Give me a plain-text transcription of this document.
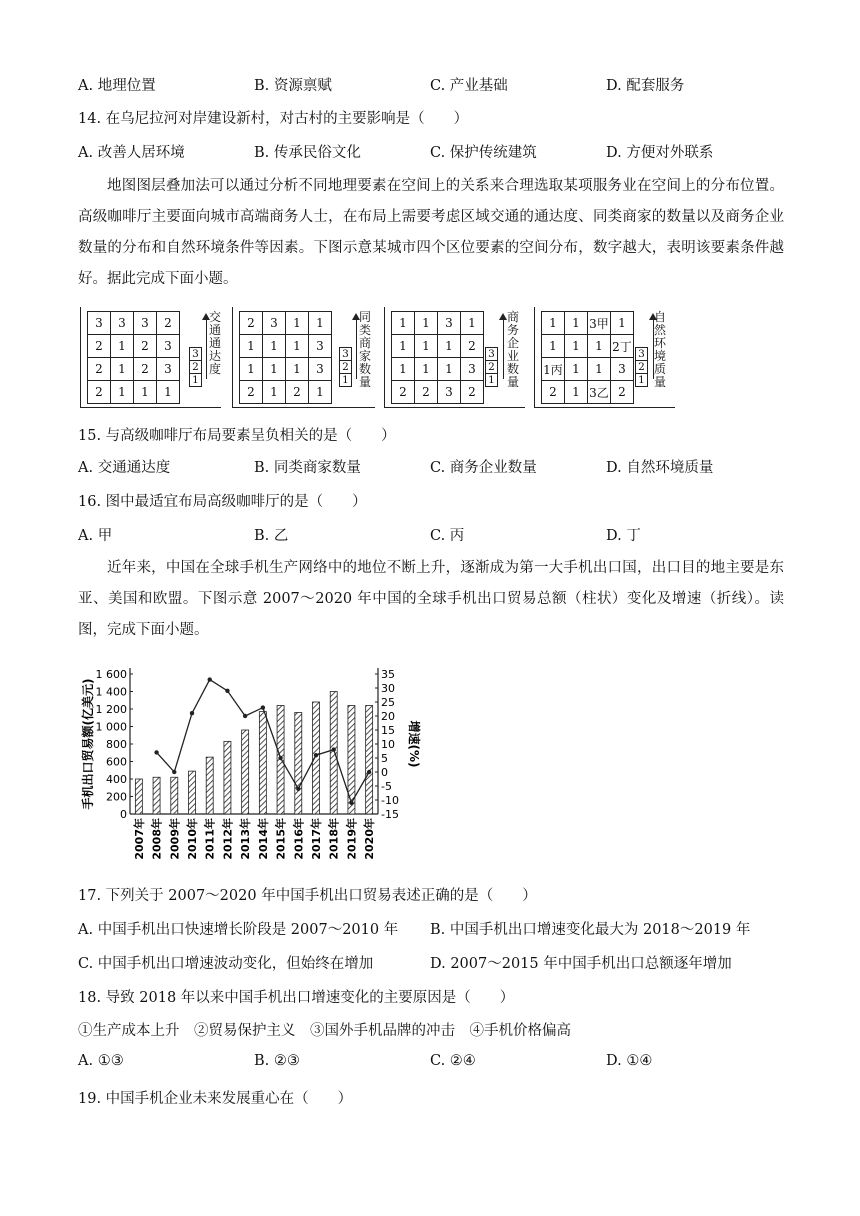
A. 地理位置	B. 资源禀赋	C. 产业基础	D. 配套服务
14. 在乌尼拉河对岸建设新村，对古村的主要影响是（　　）
A. 改善人居环境	B. 传承民俗文化	C. 保护传统建筑	D. 方便对外联系
地图图层叠加法可以通过分析不同地理要素在空间上的关系来合理选取某项服务业在空间上的分布位置。高级咖啡厅主要面向城市高端商务人士，在布局上需要考虑区域交通的通达度、同类商家的数量以及商务企业数量的分布和自然环境条件等因素。下图示意某城市四个区位要素的空间分布，数字越大，表明该要素条件越好。据此完成下面小题。
3	3	3	2
2	1	2	3
2	1	2	3
2	1	1	1
3
2
1
交通通达度
2	3	1	1
1	1	1	3
1	1	1	3
2	1	2	1
3
2
1
同类商家数量
1	1	3	1
1	1	1	2
1	1	1	3
2	2	3	2
3
2
1
商务企业数量
1	1	3甲	1
1	1	1	2丁
1丙	1	1	3
2	1	3乙	2
3
2
1
自然环境质量
15. 与高级咖啡厅布局要素呈负相关的是（　　）
A. 交通通达度	B. 同类商家数量	C. 商务企业数量	D. 自然环境质量
16. 图中最适宜布局高级咖啡厅的是（　　）
A. 甲	B. 乙	C. 丙	D. 丁
近年来，中国在全球手机生产网络中的地位不断上升，逐渐成为第一大手机出口国，出口目的地主要是东亚、美国和欧盟。下图示意 2007～2020 年中国的全球手机出口贸易总额（柱状）变化及增速（折线）。读图，完成下面小题。
0
200
400
600
800
1 000
1 200
1 400
1 600
-15
-10
-5
0
5
10
15
20
25
30
35
2007年 2008年 2009年 2010年 2011年 2012年 2013年 2014年 2015年 2016年 2017年 2018年 2019年 2020年
手机出口贸易额(亿美元)	增速(%)
17. 下列关于 2007～2020 年中国手机出口贸易表述正确的是（　　）
A. 中国手机出口快速增长阶段是 2007～2010 年 B. 中国手机出口增速变化最大为 2018～2019 年
C. 中国手机出口增速波动变化，但始终在增加	D. 2007～2015 年中国手机出口总额逐年增加
18. 导致 2018 年以来中国手机出口增速变化的主要原因是（　　）
①生产成本上升　②贸易保护主义　③国外手机品牌的冲击　④手机价格偏高
A. ①③	B. ②③	C. ②④	D. ①④
19. 中国手机企业未来发展重心在（　　）
